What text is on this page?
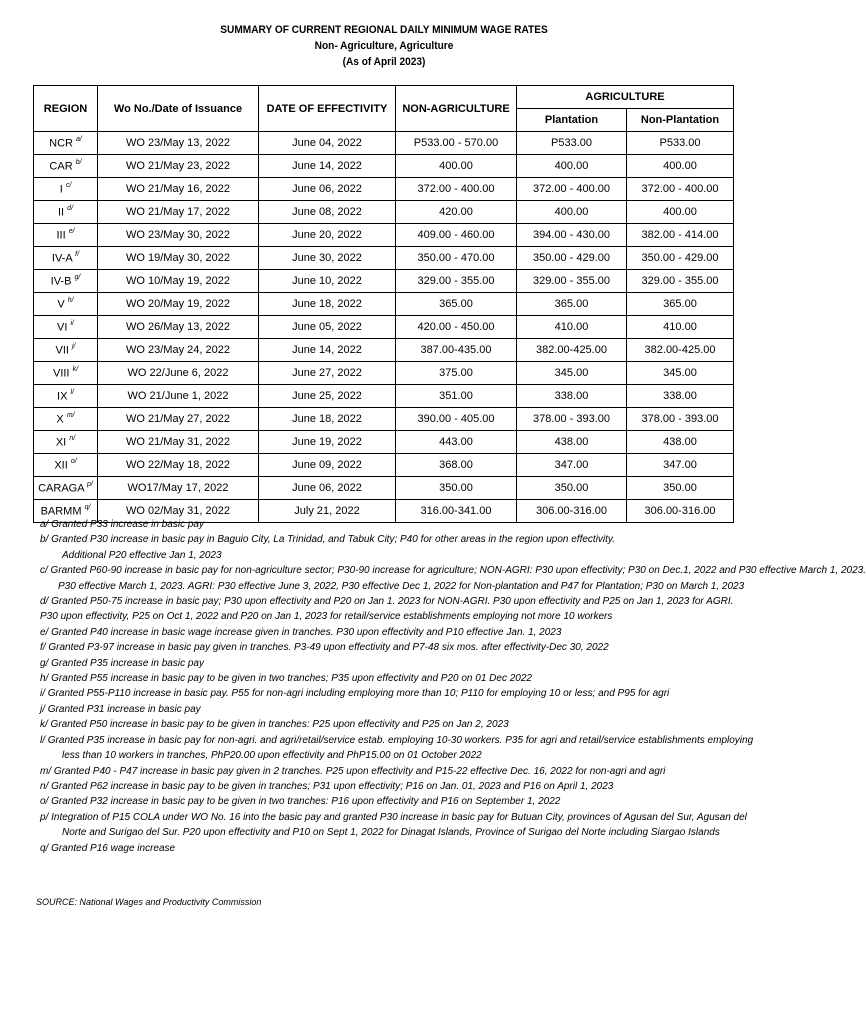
SUMMARY OF CURRENT REGIONAL DAILY MINIMUM WAGE RATES
Non- Agriculture, Agriculture
(As of April 2023)
REGION	Wo No./Date of Issuance	DATE OF EFFECTIVITY	NON-AGRICULTURE	AGRICULTURE	
				Plantation	Non-Plantation
NCR $^{a/}$	WO 23/May 13, 2022	June 04, 2022	P533.00 - 570.00	P533.00	P533.00
CAR $^{b/}$	WO 21/May 23, 2022	June 14, 2022	400.00	400.00	400.00
I $^{c/}$	WO 21/May 16, 2022	June 06, 2022	372.00 - 400.00	372.00 - 400.00	372.00 - 400.00
II $^{d/}$	WO 21/May 17, 2022	June 08, 2022	420.00	400.00	400.00
III $^{e/}$	WO 23/May 30, 2022	June 20, 2022	409.00 - 460.00	394.00 - 430.00	382.00 - 414.00
IV-A $^{f/}$	WO 19/May 30, 2022	June 30, 2022	350.00 - 470.00	350.00 - 429.00	350.00 - 429.00
IV-B $^{g/}$	WO 10/May 19, 2022	June 10, 2022	329.00 - 355.00	329.00 - 355.00	329.00 - 355.00
V $^{h/}$	WO 20/May 19, 2022	June 18, 2022	365.00	365.00	365.00
VI $^{i/}$	WO 26/May 13, 2022	June 05, 2022	420.00 - 450.00	410.00	410.00
VII $^{j/}$	WO 23/May 24, 2022	June 14, 2022	387.00-435.00	382.00-425.00	382.00-425.00
VIII $^{k/}$	WO 22/June 6, 2022	June 27, 2022	375.00	345.00	345.00
IX $^{l/}$	WO 21/June 1, 2022	June 25, 2022	351.00	338.00	338.00
X $^{m/}$	WO 21/May 27, 2022	June 18, 2022	390.00 - 405.00	378.00 - 393.00	378.00 - 393.00
XI $^{n/}$	WO 21/May 31, 2022	June 19, 2022	443.00	438.00	438.00
XII $^{o/}$	WO 22/May 18, 2022	June 09, 2022	368.00	347.00	347.00
CARAGA $^{p/}$	WO17/May 17, 2022	June 06, 2022	350.00	350.00	350.00
BARMM $^{q/}$	WO 02/May 31, 2022	July 21, 2022	316.00-341.00	306.00-316.00	306.00-316.00
a/ Granted P33 increase in basic pay
b/ Granted P30 increase in basic pay in Baguio City, La Trinidad, and Tabuk City; P40 for other areas in the region upon effectivity.
Additional P20 effective Jan 1, 2023
c/ Granted P60-90 increase in basic pay for non-agriculture sector; P30-90 increase for agriculture; NON-AGRI: P30 upon effectivity; P30 on Dec.1, 2022 and P30 effective March 1, 2023.
P30 effective March 1, 2023. AGRI: P30 effective June 3, 2022, P30 effective Dec 1, 2022 for Non-plantation and P47 for Plantation; P30 on March 1, 2023
d/ Granted P50-75 increase in basic pay; P30 upon effectivity and P20 on Jan 1. 2023 for NON-AGRI. P30 upon effectivity and P25 on Jan 1, 2023 for AGRI.
P30 upon effectivity, P25 on Oct 1, 2022 and P20 on Jan 1, 2023 for retail/service establishments employing not more 10 workers
e/ Granted P40 increase in basic wage increase given in tranches. P30 upon effectivity and P10 effective Jan. 1, 2023
f/ Granted P3-97 increase in basic pay given in tranches. P3-49 upon effectivity and P7-48 six mos. after effectivity-Dec 30, 2022
g/ Granted P35 increase in basic pay
h/ Granted P55 increase in basic pay to be given in two tranches; P35 upon effectivity and P20 on 01 Dec 2022
i/ Granted P55-P110 increase in basic pay. P55 for non-agri including employing more than 10; P110 for employing 10 or less; and P95 for agri
j/ Granted P31 increase in basic pay
k/ Granted P50 increase in basic pay to be given in tranches: P25 upon effectivity and P25 on Jan 2, 2023
l/ Granted P35 increase in basic pay for non-agri. and agri/retail/service estab. employing 10-30 workers. P35 for agri and retail/service establishments employing
less than 10 workers in tranches, PhP20.00 upon effectivity and PhP15.00 on 01 October 2022
m/ Granted P40 - P47 increase in basic pay given in 2 tranches. P25 upon effectivity and P15-22 effective Dec. 16, 2022 for non-agri and agri
n/ Granted P62 increase in basic pay to be given in tranches; P31 upon effectivity; P16 on Jan. 01, 2023 and P16 on April 1, 2023
o/ Granted P32 increase in basic pay to be given in two tranches: P16 upon effectivity and P16 on September 1, 2022
p/ Integration of P15 COLA under WO No. 16 into the basic pay and granted P30 increase in basic pay for Butuan City, provinces of Agusan del Sur, Agusan del
Norte and Surigao del Sur. P20 upon effectivity and P10 on Sept 1, 2022 for Dinagat Islands, Province of Surigao del Norte including Siargao Islands
q/ Granted P16 wage increase
SOURCE: National Wages and Productivity Commission
